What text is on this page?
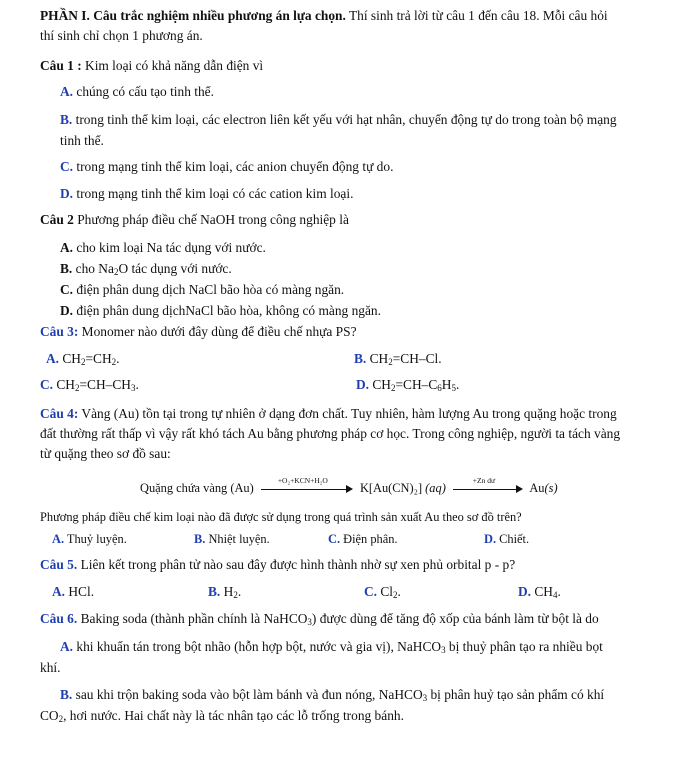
PHẦN I. Câu trắc nghiệm nhiều phương án lựa chọn. Thí sinh trả lời từ câu 1 đến câu 18. Mỗi câu hỏi
thí sinh chỉ chọn 1 phương án.
Câu 1 : Kim loại có khả năng dẫn điện vì
A. chúng có cấu tạo tinh thể.
B. trong tinh thể kim loại, các electron liên kết yếu với hạt nhân, chuyển động tự do trong toàn bộ mạng
tinh thể.
C. trong mạng tinh thể kim loại, các anion chuyển động tự do.
D. trong mạng tinh thể kim loại có các cation kim loại.
Câu 2 Phương pháp điều chế NaOH trong công nghiệp là
A. cho kim loại Na tác dụng với nước.
B. cho $Na_2O$ tác dụng với nước.
C. điện phân dung dịch NaCl bão hòa có màng ngăn.
D. điện phân dung dịchNaCl bão hòa, không có màng ngăn.
Câu 3: Monomer nào dưới đây dùng để điều chế nhựa PS?
A. $CH_2=CH_2$.	B. $CH_2=CH-Cl$.
C. $CH_2=CH-CH_3$.	D. $CH_2=CH-C_6H_5$.
Câu 4: Vàng (Au) tồn tại trong tự nhiên ở dạng đơn chất. Tuy nhiên, hàm lượng Au trong quặng hoặc trong
đất thường rất thấp vì vậy rất khó tách Au bằng phương pháp cơ học. Trong công nghiệp, người ta tách vàng
từ quặng theo sơ đồ sau:
Quặng chứa vàng (Au)
+O₂+KCN+H₂O
K[Au(CN)₂] (aq)
+Zn dư
Au(s)
Phương pháp điều chế kim loại nào đã được sử dụng trong quá trình sản xuất Au theo sơ đồ trên?
A. Thuỷ luyện.	B. Nhiệt luyện.	C. Điện phân.	D. Chiết.
Câu 5. Liên kết trong phân tử nào sau đây được hình thành nhờ sự xen phủ orbital p - p?
A. HCl.	B. $H_2$.	C. $Cl_2$.	D. $CH_4$.
Câu 6. Baking soda (thành phần chính là NaHCO$_3$) được dùng để tăng độ xốp của bánh làm từ bột là do
A. khi khuẩn tán trong bột nhão (hỗn hợp bột, nước và gia vị), NaHCO$_3$ bị thuỷ phân tạo ra nhiều bọt
khí.
B. sau khi trộn baking soda vào bột làm bánh và đun nóng, NaHCO$_3$ bị phân huỷ tạo sản phẩm có khí
$CO_2$, hơi nước. Hai chất này là tác nhân tạo các lỗ trống trong bánh.
